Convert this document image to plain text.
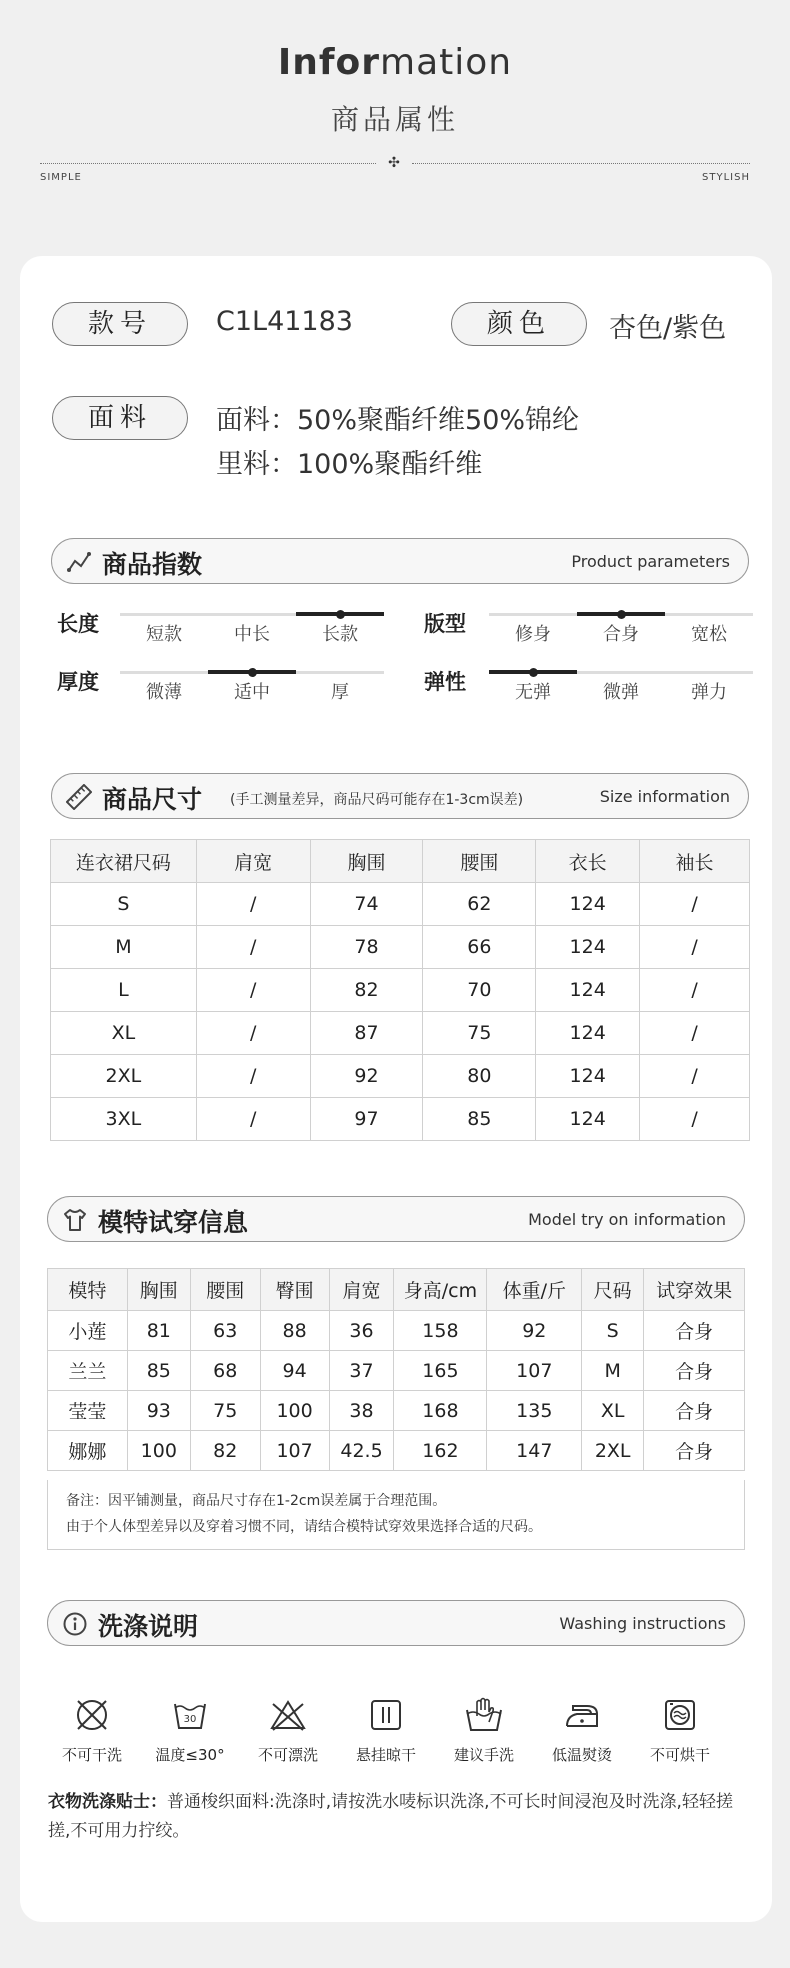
Information
商品属性
✣
SIMPLE	STYLISH
款号	C1L41183	颜色	杏色/紫色
面料	面料：50%聚酯纤维50%锦纶
里料：100%聚酯纤维
商品指数	Product parameters
长度	短款	中长	长款	版型	修身	合身	宽松
厚度	微薄	适中	厚	弹性	无弹	微弹	弹力
商品尺寸 (手工测量差异，商品尺码可能存在1-3cm误差)	Size information
连衣裙尺码	肩宽	胸围	腰围	衣长	袖长
S	/	74	62	124	/
M	/	78	66	124	/
L	/	82	70	124	/
XL	/	87	75	124	/
2XL	/	92	80	124	/
3XL	/	97	85	124	/
模特试穿信息	Model try on information
模特	胸围	腰围	臀围	肩宽	身高/cm	体重/斤	尺码	试穿效果
小莲	81	63	88	36	158	92	S	合身
兰兰	85	68	94	37	165	107	M	合身
莹莹	93	75	100	38	168	135	XL	合身
娜娜	100	82	107	42.5	162	147	2XL	合身
备注：因平铺测量，商品尺寸存在1-2cm误差属于合理范围。
由于个人体型差异以及穿着习惯不同，请结合模特试穿效果选择合适的尺码。
洗涤说明	Washing instructions
不可干洗
30
温度≤30°	不可漂洗	悬挂晾干	建议手洗	低温熨烫	不可烘干
衣物洗涤贴士：普通梭织面料:洗涤时,请按洗水唛标识洗涤,不可长时间浸泡及时洗涤,轻轻搓搓,不可用力拧绞。
